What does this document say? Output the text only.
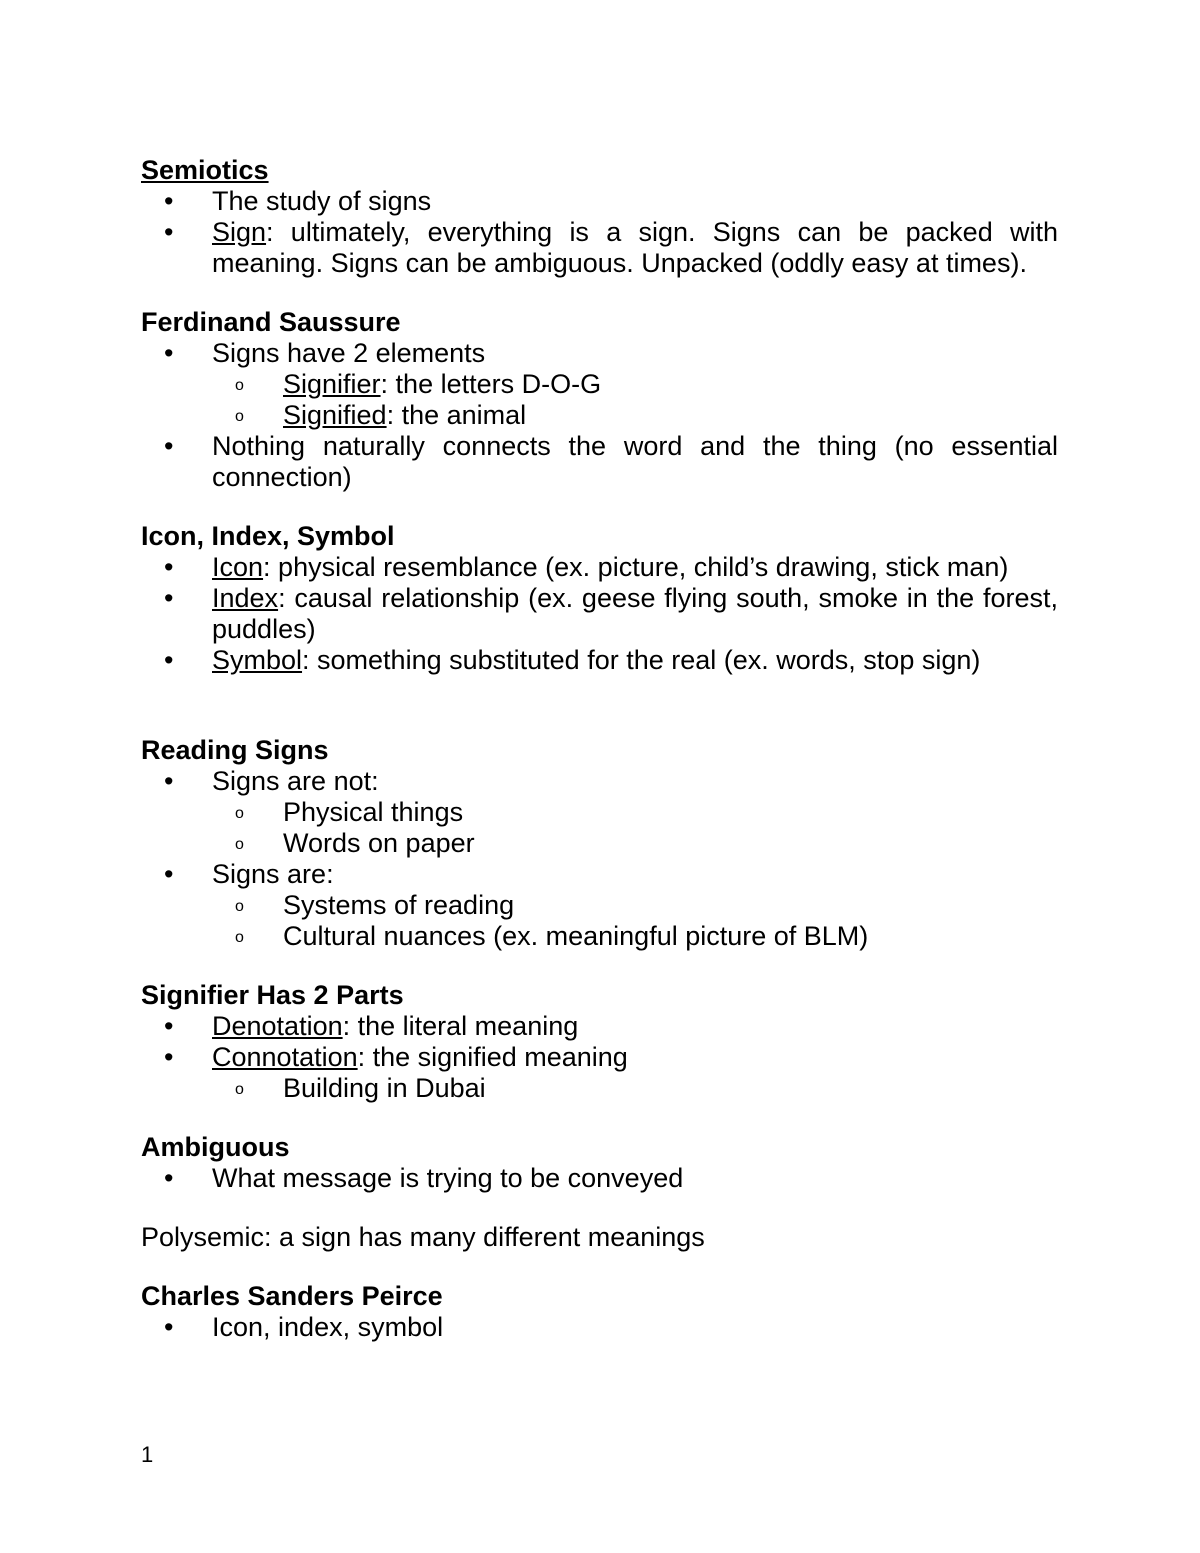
Semiotics
•	The study of signs
•	Sign: ultimately, everything is a sign. Signs can be packed with meaning. Signs can be ambiguous. Unpacked (oddly easy at times).
Ferdinand Saussure
•	Signs have 2 elements
o Signifier: the letters D-O-G
o Signified: the animal
•	Nothing naturally connects the word and the thing (no essential connection)
Icon, Index, Symbol
•	Icon: physical resemblance (ex. picture, child’s drawing, stick man)
•	Index: causal relationship (ex. geese flying south, smoke in the forest, puddles)
•	Symbol: something substituted for the real (ex. words, stop sign)
Reading Signs
•	Signs are not:
o Physical things
o Words on paper
•	Signs are:
o Systems of reading
o Cultural nuances (ex. meaningful picture of BLM)
Signifier Has 2 Parts
•	Denotation: the literal meaning
•	Connotation: the signified meaning
o Building in Dubai
Ambiguous
•	What message is trying to be conveyed
Polysemic: a sign has many different meanings
Charles Sanders Peirce
•	Icon, index, symbol
1
